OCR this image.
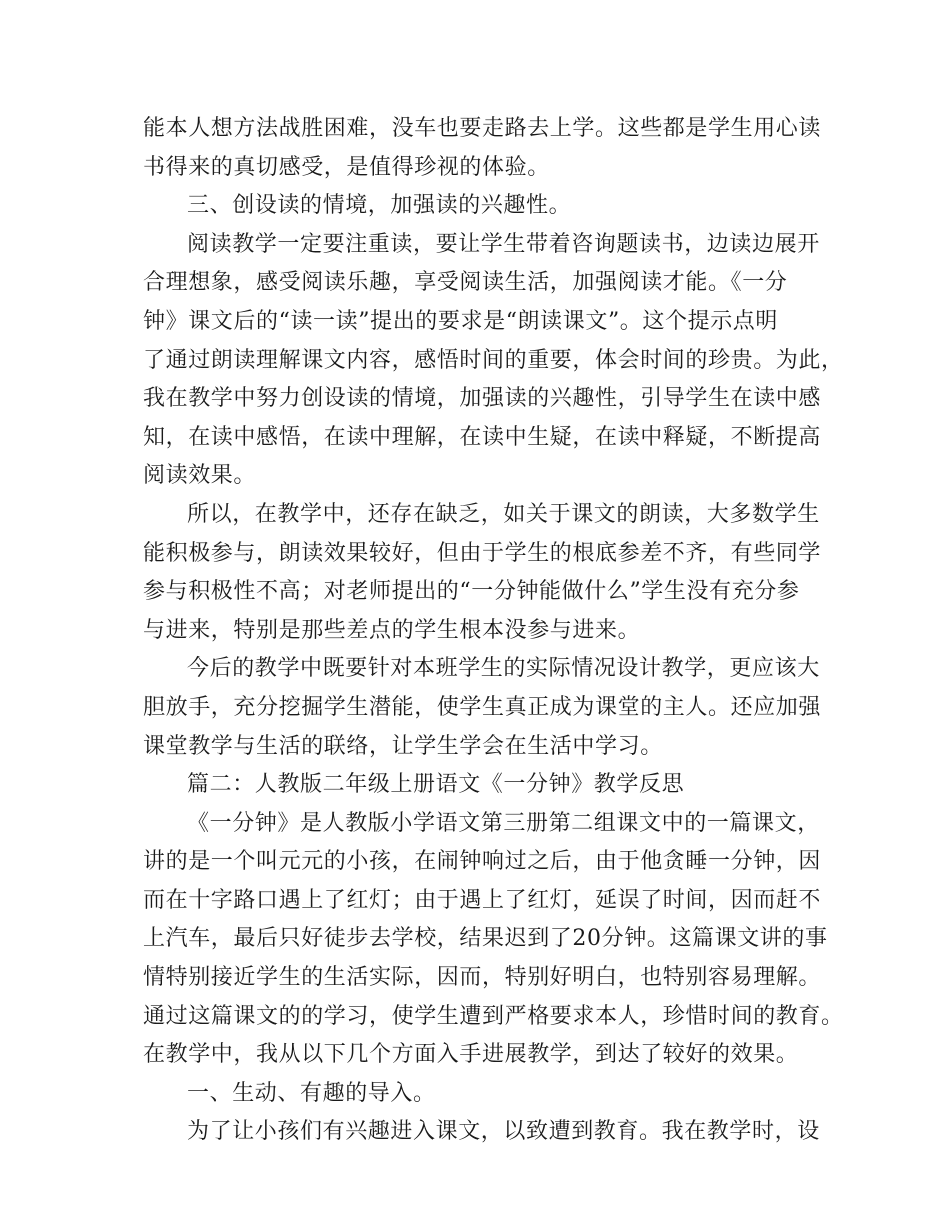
能本人想方法战胜困难，没车也要走路去上学。这些都是学生用心读
书得来的真切感受，是值得珍视的体验。
三、创设读的情境，加强读的兴趣性。
阅读教学一定要注重读，要让学生带着咨询题读书，边读边展开
合理想象，感受阅读乐趣，享受阅读生活，加强阅读才能。《一分
钟》课文后的“读一读”提出的要求是“朗读课文”。这个提示点明
了通过朗读理解课文内容，感悟时间的重要，体会时间的珍贵。为此，
我在教学中努力创设读的情境，加强读的兴趣性，引导学生在读中感
知，在读中感悟，在读中理解，在读中生疑，在读中释疑，不断提高
阅读效果。
所以，在教学中，还存在缺乏，如关于课文的朗读，大多数学生
能积极参与，朗读效果较好，但由于学生的根底参差不齐，有些同学
参与积极性不高；对老师提出的“一分钟能做什么”学生没有充分参
与进来，特别是那些差点的学生根本没参与进来。
今后的教学中既要针对本班学生的实际情况设计教学，更应该大
胆放手，充分挖掘学生潜能，使学生真正成为课堂的主人。还应加强
课堂教学与生活的联络，让学生学会在生活中学习。
篇二：人教版二年级上册语文《一分钟》教学反思
《一分钟》是人教版小学语文第三册第二组课文中的一篇课文，
讲的是一个叫元元的小孩，在闹钟响过之后，由于他贪睡一分钟，因
而在十字路口遇上了红灯；由于遇上了红灯，延误了时间，因而赶不
上汽车，最后只好徒步去学校，结果迟到了20分钟。这篇课文讲的事
情特别接近学生的生活实际，因而，特别好明白，也特别容易理解。
通过这篇课文的的学习，使学生遭到严格要求本人，珍惜时间的教育。
在教学中，我从以下几个方面入手进展教学，到达了较好的效果。
一、生动、有趣的导入。
为了让小孩们有兴趣进入课文，以致遭到教育。我在教学时，设
